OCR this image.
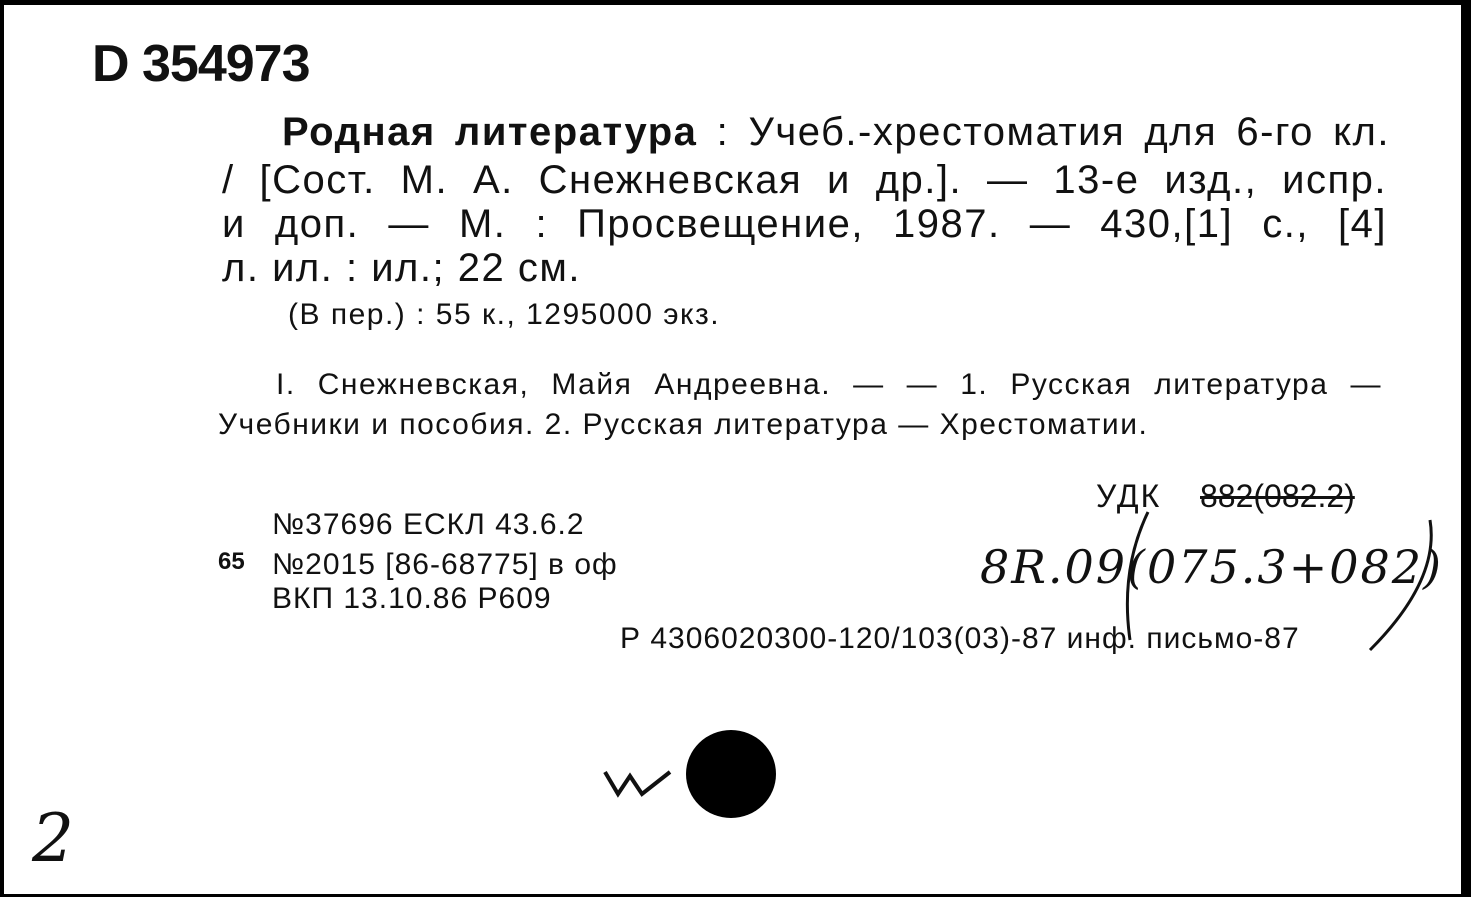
D 354973
Родная литература : Учеб.-хрестоматия для 6-го кл.
/ [Сост. М. А. Снежневская и др.]. — 13-е изд., испр.
и доп. — М. : Просвещение, 1987. — 430,[1] с., [4]
л. ил. : ил.; 22 см.
(В пер.) : 55 к., 1295000 экз.
I. Снежневская, Майя Андреевна. — — 1. Русская литература —
Учебники и пособия. 2. Русская литература — Хрестоматии.
УДК 882(082.2)
8R.09(075.3+082)
№37696 ЕСКЛ 43.6.2
65 №2015 [86-68775] в оф
ВКП 13.10.86 Р609
Р 4306020300-120/103(03)-87 инф. письмо-87
2
